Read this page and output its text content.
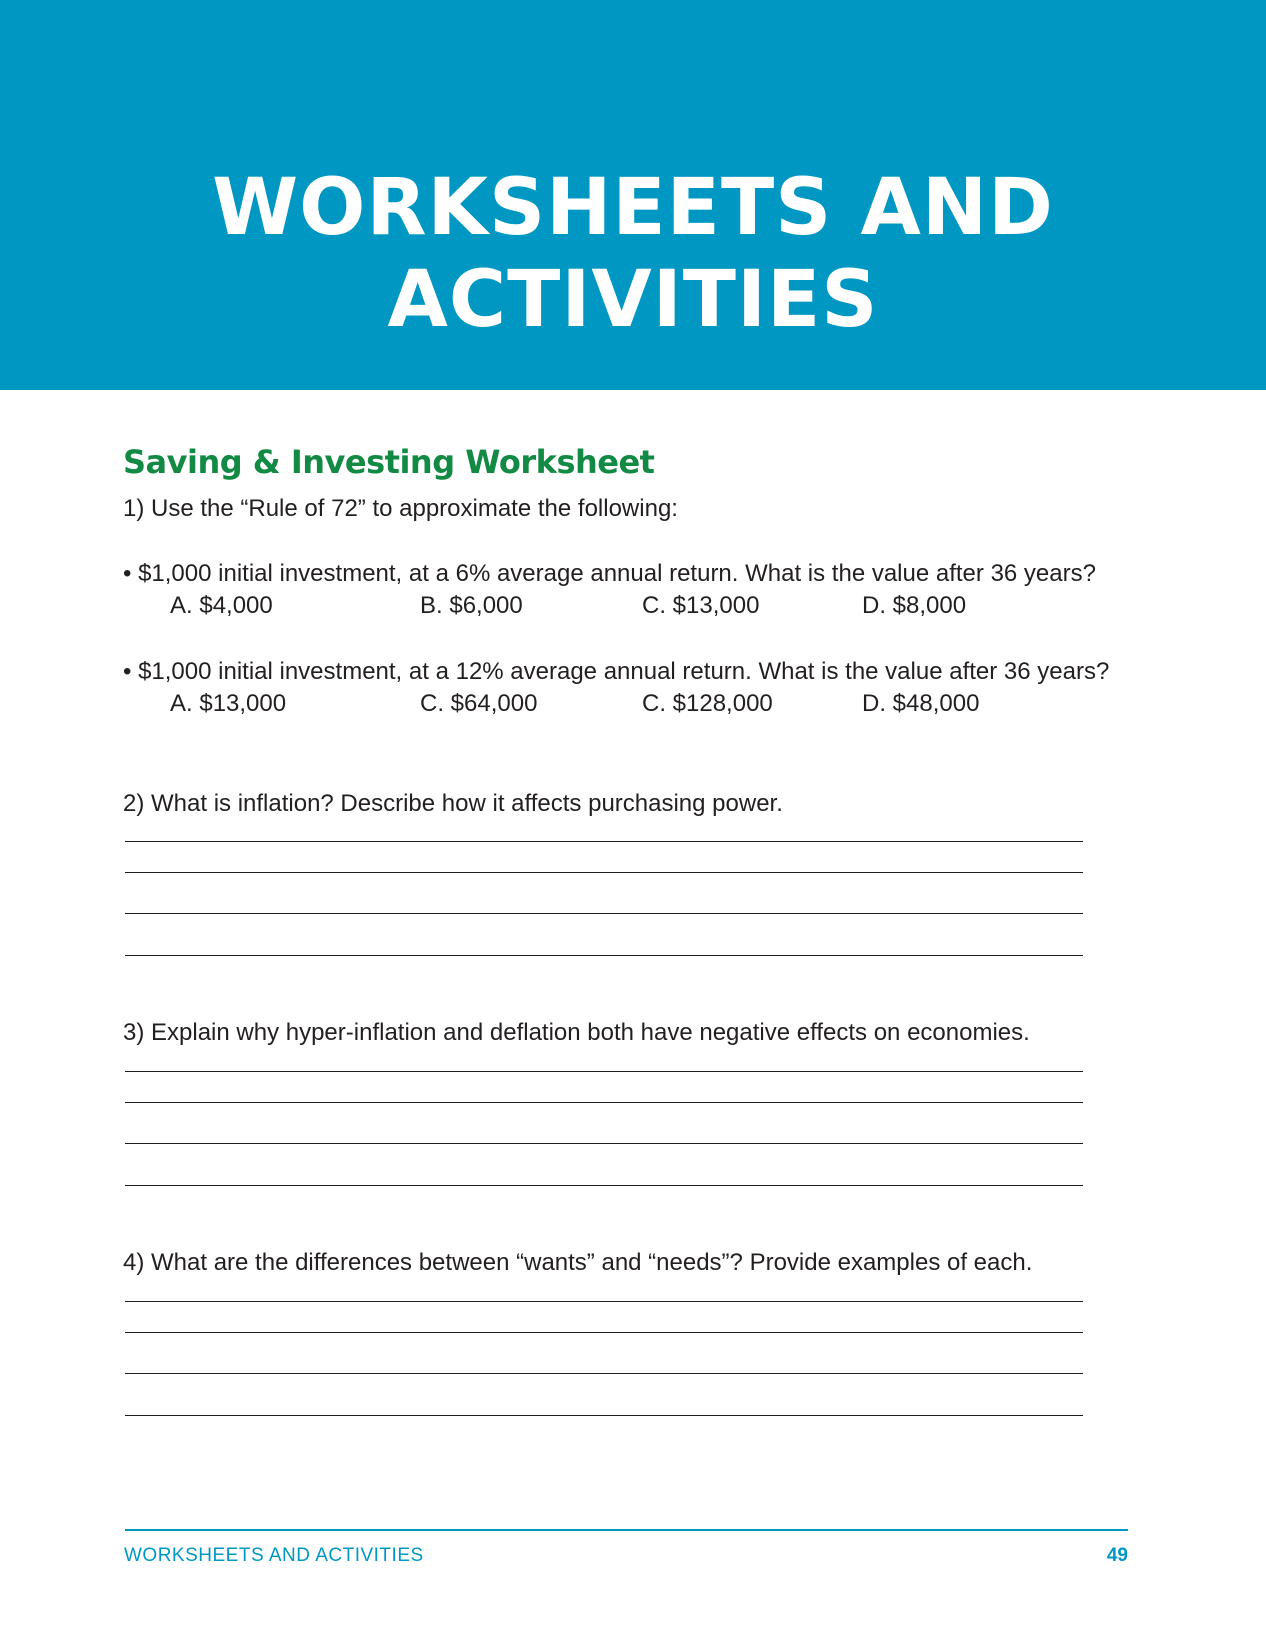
WORKSHEETS AND
ACTIVITIES
Saving & Investing Worksheet

1) Use the “Rule of 72” to approximate the following:

• $1,000 initial investment, at a 6% average annual return. What is the value after 36 years?

A. $4,000	B. $6,000	C. $13,000	D. $8,000

• $1,000 initial investment, at a 12% average annual return. What is the value after 36 years?

A. $13,000	C. $64,000	C. $128,000	D. $48,000

2) What is inflation? Describe how it affects purchasing power.

3) Explain why hyper-inflation and deflation both have negative effects on economies.

4) What are the differences between “wants” and “needs”? Provide examples of each.

WORKSHEETS AND ACTIVITIES	49
